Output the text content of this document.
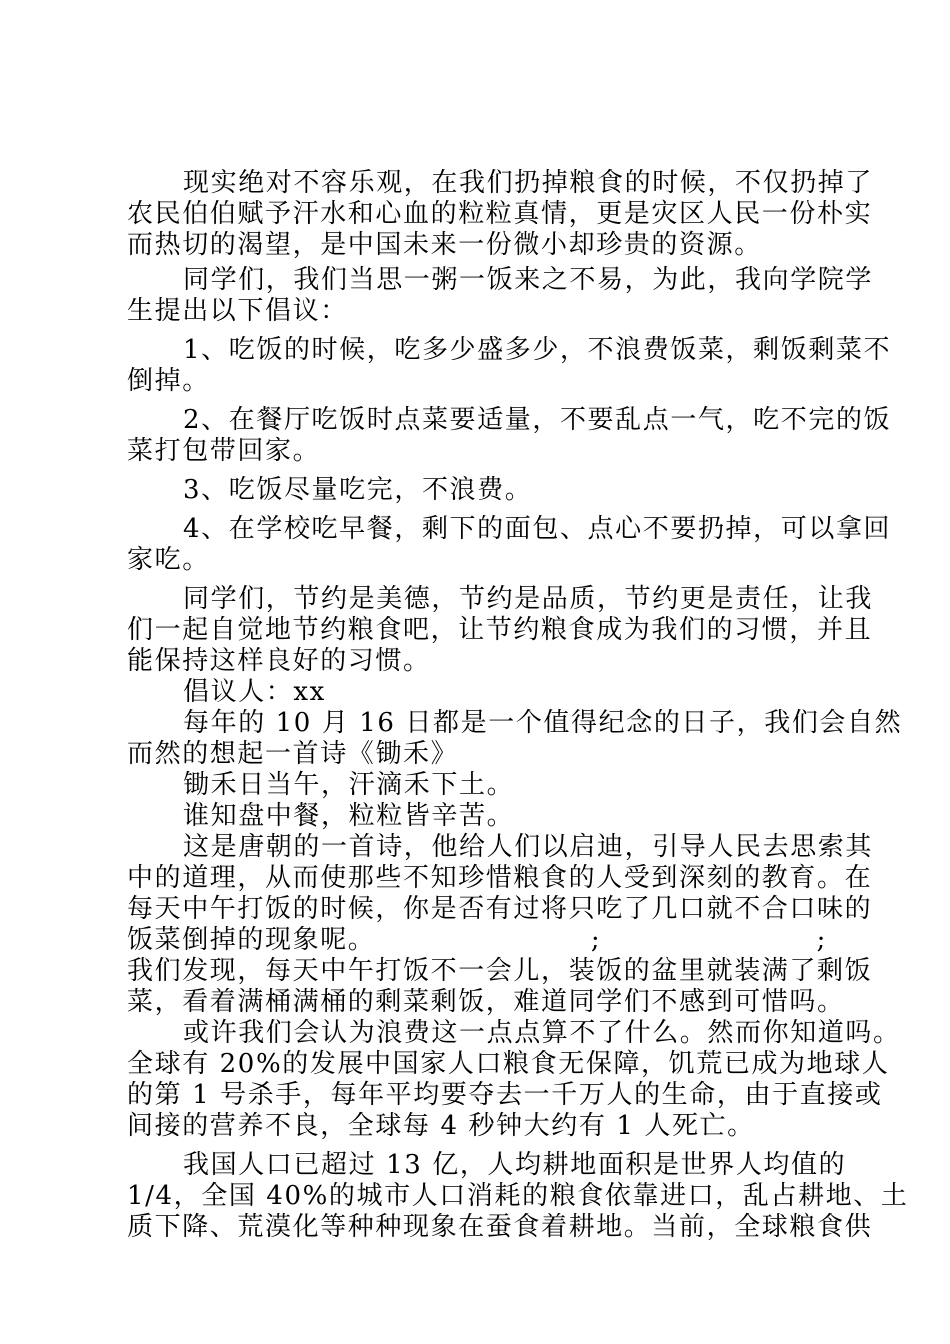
现实绝对不容乐观，在我们扔掉粮食的时候，不仅扔掉了
农民伯伯赋予汗水和心血的粒粒真情，更是灾区人民一份朴实
而热切的渴望，是中国未来一份微小却珍贵的资源。
同学们，我们当思一粥一饭来之不易，为此，我向学院学
生提出以下倡议：
1、吃饭的时候，吃多少盛多少，不浪费饭菜，剩饭剩菜不
倒掉。
2、在餐厅吃饭时点菜要适量，不要乱点一气，吃不完的饭
菜打包带回家。
3、吃饭尽量吃完，不浪费。
4、在学校吃早餐，剩下的面包、点心不要扔掉，可以拿回
家吃。
同学们，节约是美德，节约是品质，节约更是责任，让我
们一起自觉地节约粮食吧，让节约粮食成为我们的习惯，并且
能保持这样良好的习惯。
倡议人：xx
每年的 10 月 16 日都是一个值得纪念的日子，我们会自然
而然的想起一首诗《锄禾》
锄禾日当午，汗滴禾下土。
谁知盘中餐，粒粒皆辛苦。
这是唐朝的一首诗，他给人们以启迪，引导人民去思索其
中的道理，从而使那些不知珍惜粮食的人受到深刻的教育。在
每天中午打饭的时候，你是否有过将只吃了几口就不合口味的
饭菜倒掉的现象呢。	;	;
我们发现，每天中午打饭不一会儿，装饭的盆里就装满了剩饭
菜，看着满桶满桶的剩菜剩饭，难道同学们不感到可惜吗。
或许我们会认为浪费这一点点算不了什么。然而你知道吗。
全球有 20%的发展中国家人口粮食无保障，饥荒已成为地球人
的第 1 号杀手，每年平均要夺去一千万人的生命，由于直接或
间接的营养不良，全球每 4 秒钟大约有 1 人死亡。
我国人口已超过 13 亿，人均耕地面积是世界人均值的
1/4，全国 40%的城市人口消耗的粮食依靠进口，乱占耕地、土
质下降、荒漠化等种种现象在蚕食着耕地。当前，全球粮食供
